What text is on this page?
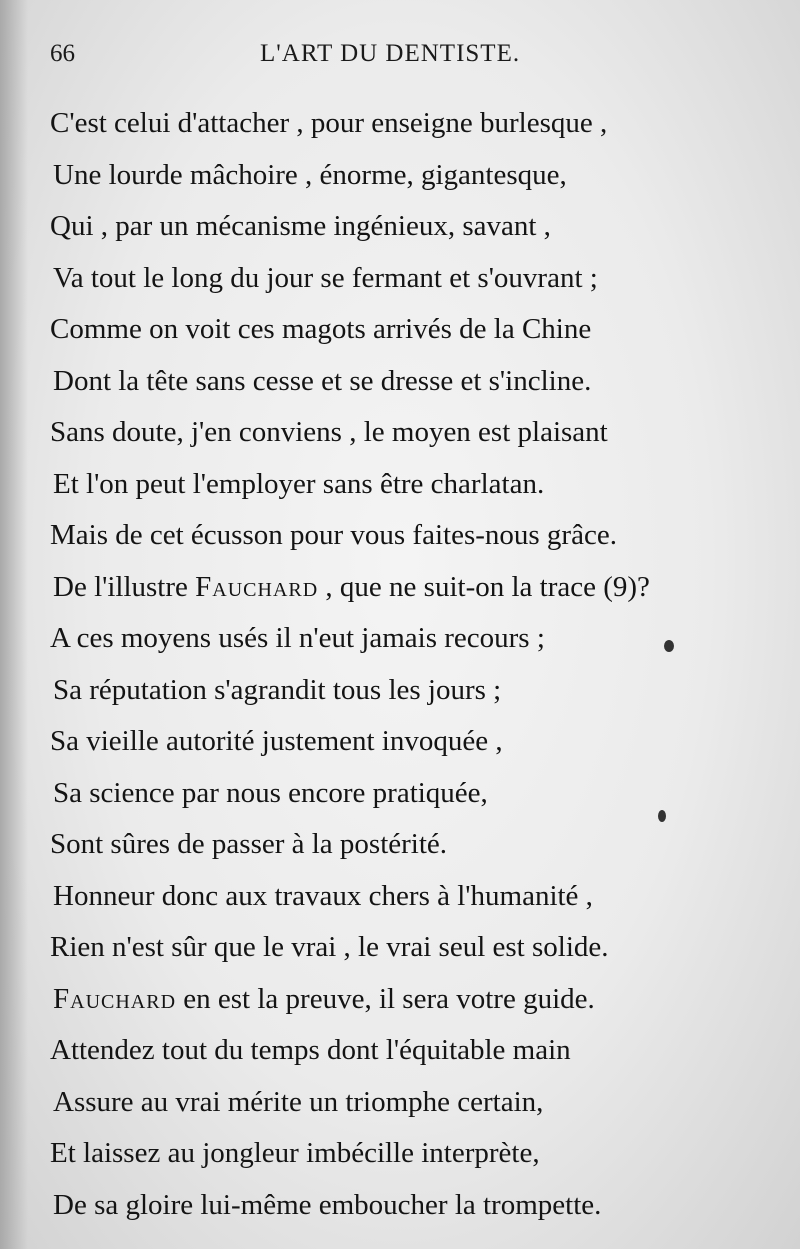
66	L'ART DU DENTISTE.
C'est celui d'attacher , pour enseigne burlesque ,
Une lourde mâchoire , énorme, gigantesque,
Qui , par un mécanisme ingénieux, savant ,
Va tout le long du jour se fermant et s'ouvrant ;
Comme on voit ces magots arrivés de la Chine
Dont la tête sans cesse et se dresse et s'incline.
Sans doute, j'en conviens , le moyen est plaisant
Et l'on peut l'employer sans être charlatan.
Mais de cet écusson pour vous faites-nous grâce.
De l'illustre Fauchard , que ne suit-on la trace (9)?
A ces moyens usés il n'eut jamais recours ;
Sa réputation s'agrandit tous les jours ;
Sa vieille autorité justement invoquée ,
Sa science par nous encore pratiquée,
Sont sûres de passer à la postérité.
Honneur donc aux travaux chers à l'humanité ,
Rien n'est sûr que le vrai , le vrai seul est solide.
Fauchard en est la preuve, il sera votre guide.
Attendez tout du temps dont l'équitable main
Assure au vrai mérite un triomphe certain,
Et laissez au jongleur imbécille interprète,
De sa gloire lui-même emboucher la trompette.
